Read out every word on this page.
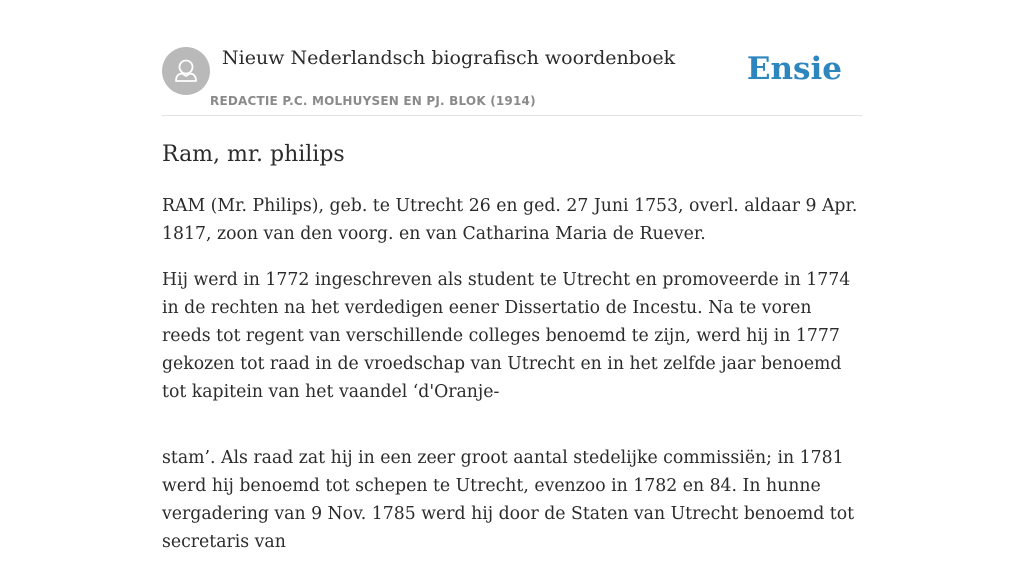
Nieuw Nederlandsch biografisch woordenboek
REDACTIE P.C. MOLHUYSEN EN PJ. BLOK (1914)
Ensie
Ram, mr. philips

RAM (Mr. Philips), geb. te Utrecht 26 en ged. 27 Juni 1753, overl. aldaar 9 Apr. 1817, zoon van den voorg. en van Catharina Maria de Ruever.

Hij werd in 1772 ingeschreven als student te Utrecht en promoveerde in 1774 in de rechten na het verdedigen eener Dissertatio de Incestu. Na te voren reeds tot regent van verschillende colleges benoemd te zijn, werd hij in 1777 gekozen tot raad in de vroedschap van Utrecht en in het zelfde jaar benoemd tot kapitein van het vaandel ‘d'Oranje-

stam’. Als raad zat hij in een zeer groot aantal stedelijke commissiën; in 1781 werd hij benoemd tot schepen te Utrecht, evenzoo in 1782 en 84. In hunne vergadering van 9 Nov. 1785 werd hij door de Staten van Utrecht benoemd tot secretaris van
